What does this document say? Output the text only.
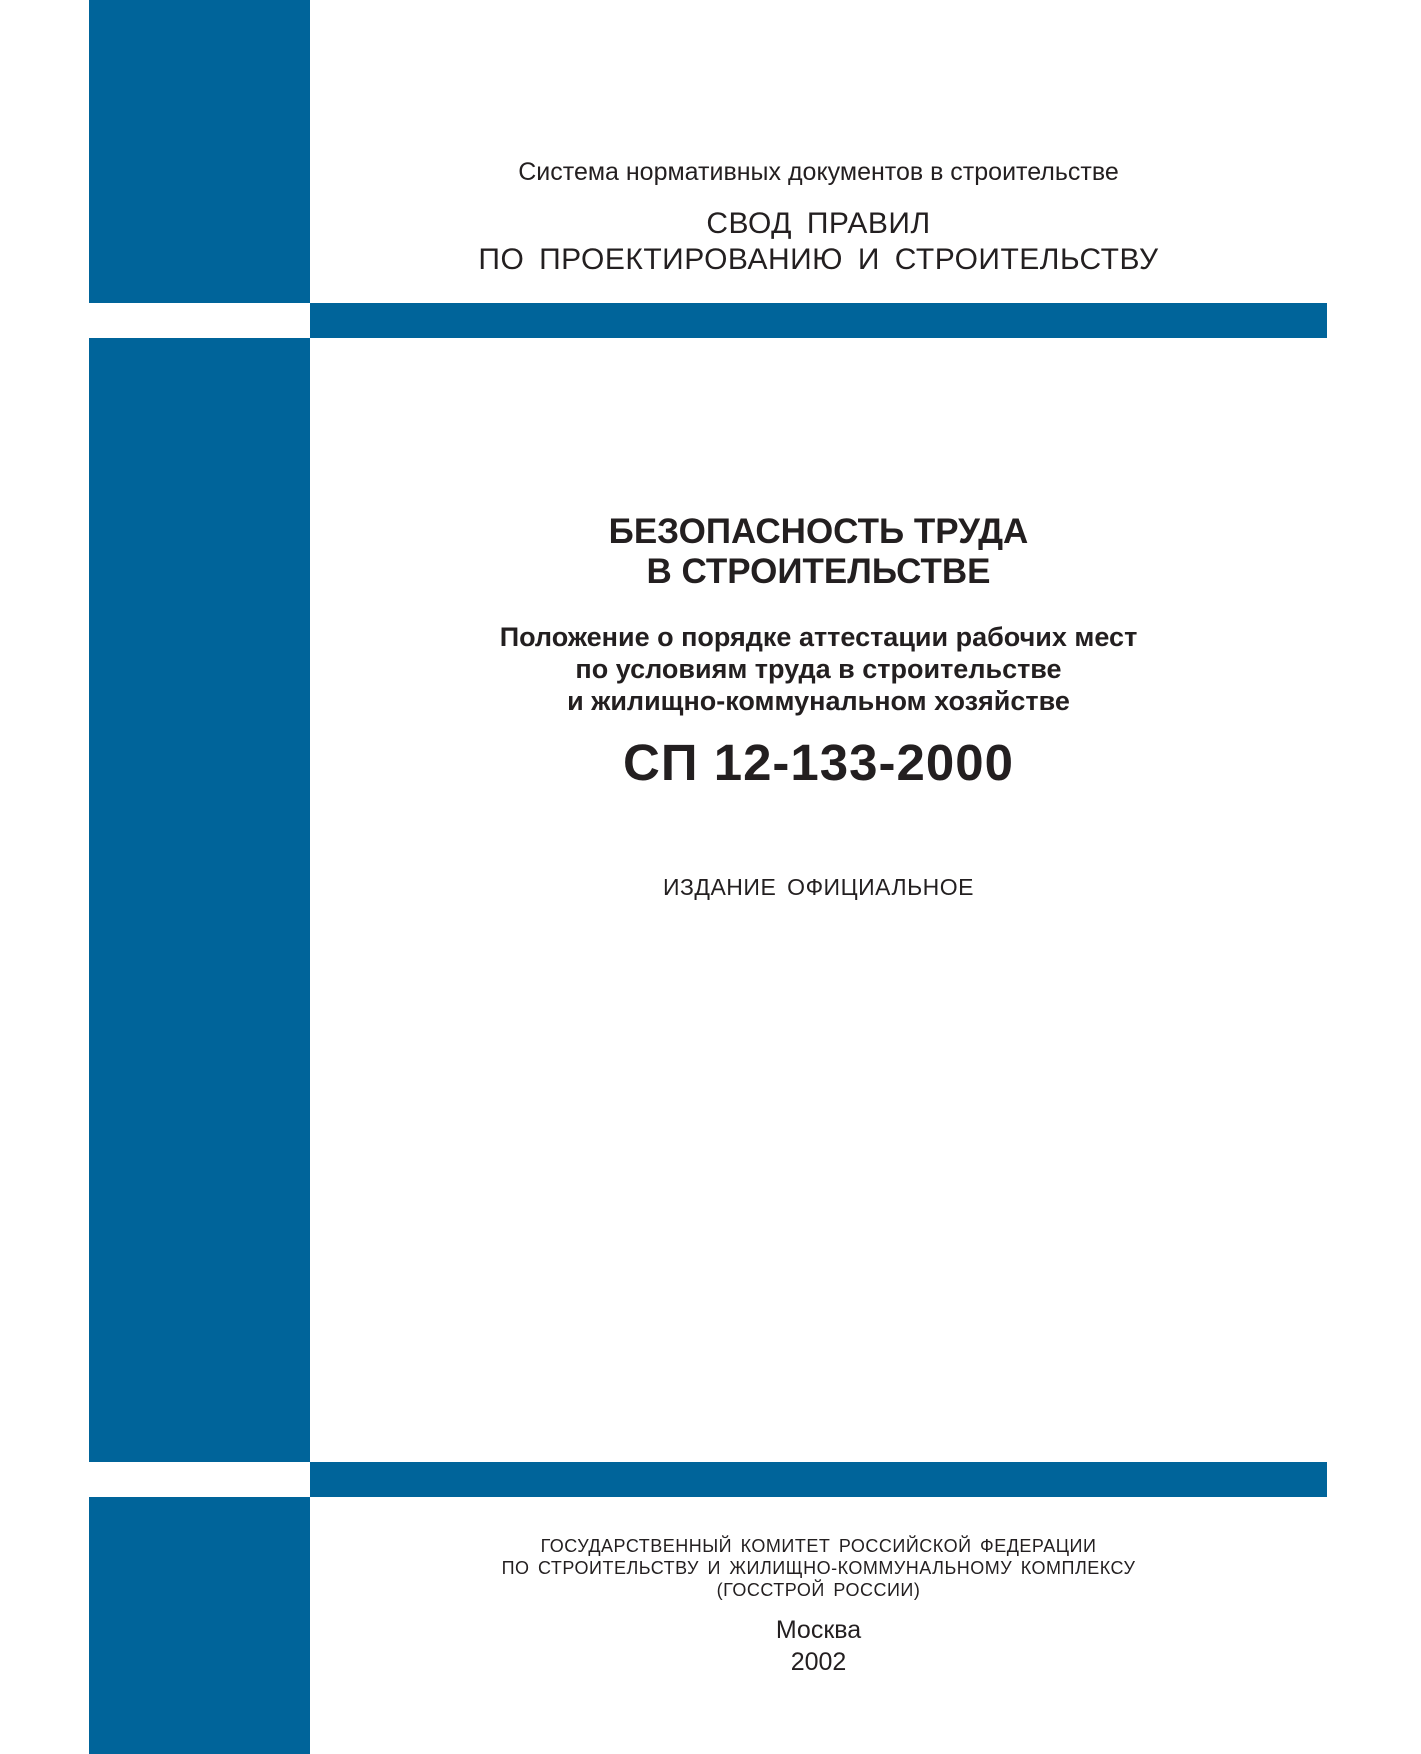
Система нормативных документов в строительстве
СВОД ПРАВИЛ
ПО ПРОЕКТИРОВАНИЮ И СТРОИТЕЛЬСТВУ
БЕЗОПАСНОСТЬ ТРУДА
В СТРОИТЕЛЬСТВЕ
Положение о порядке аттестации рабочих мест
по условиям труда в строительстве
и жилищно-коммунальном хозяйстве
СП 12-133-2000
ИЗДАНИЕ ОФИЦИАЛЬНОЕ
ГОСУДАРСТВЕННЫЙ КОМИТЕТ РОССИЙСКОЙ ФЕДЕРАЦИИ
ПО СТРОИТЕЛЬСТВУ И ЖИЛИЩНО-КОММУНАЛЬНОМУ КОМПЛЕКСУ
(ГОССТРОЙ РОССИИ)
Москва
2002
